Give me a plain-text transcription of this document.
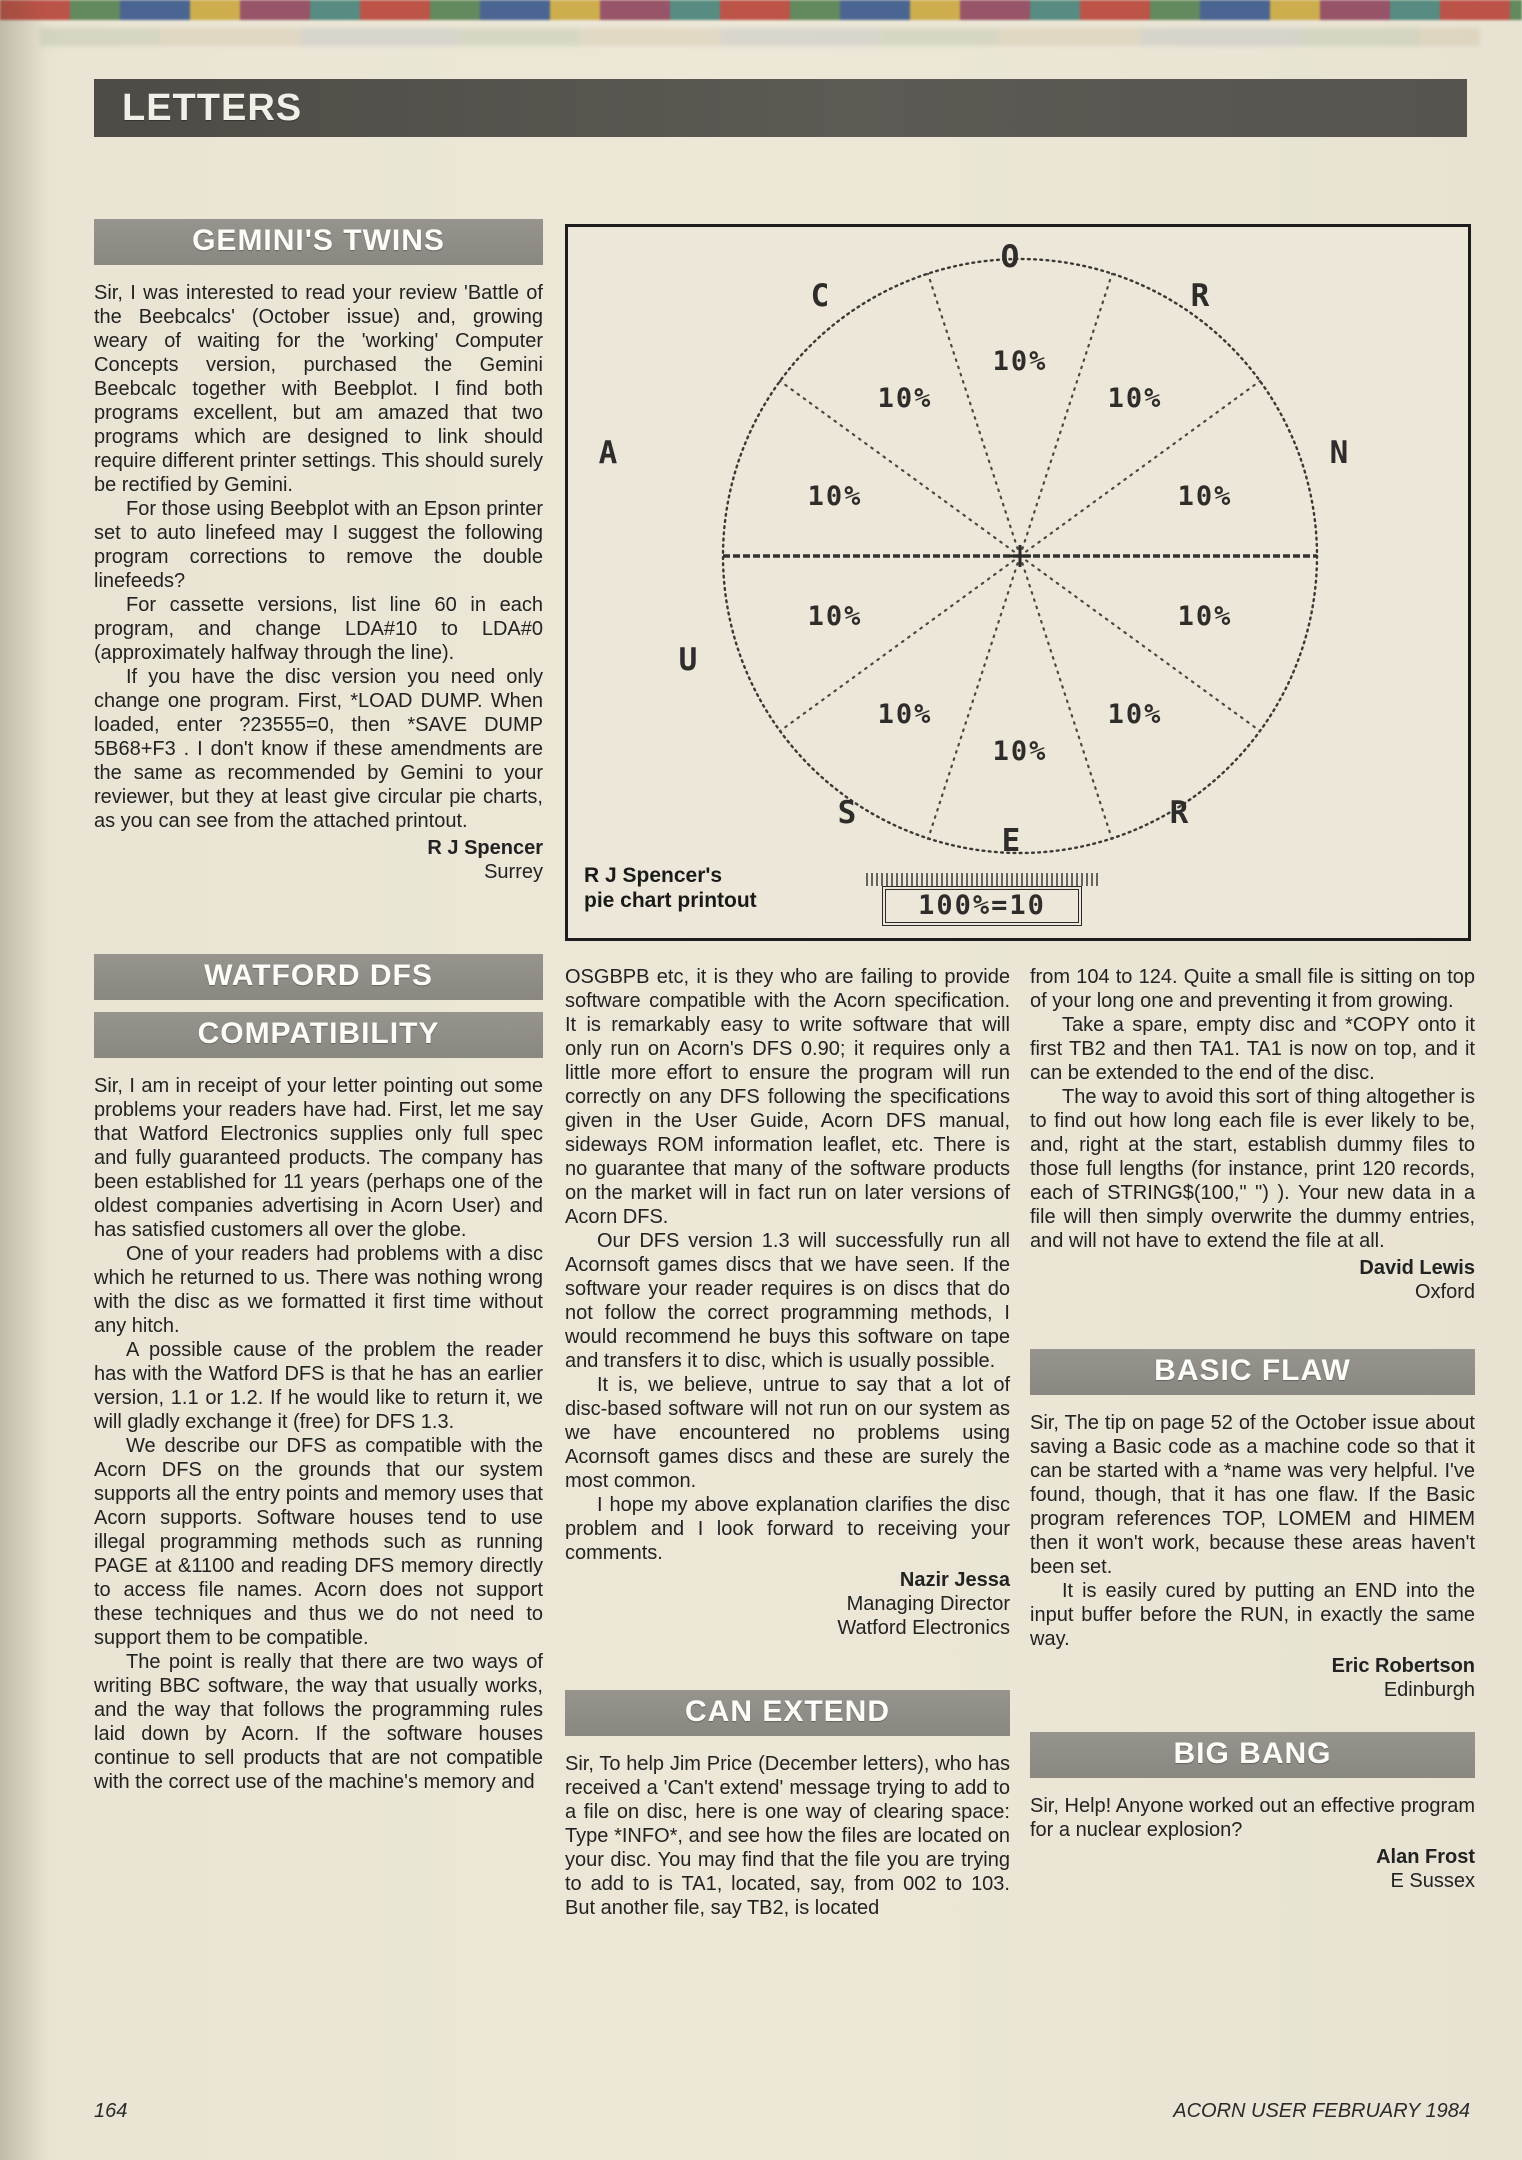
LETTERS
GEMINI'S TWINS

Sir, I was interested to read your review 'Battle of the Beebcalcs' (October issue) and, growing weary of waiting for the 'working' Computer Concepts version, purchased the Gemini Beebcalc together with Beebplot. I find both programs excellent, but am amazed that two programs which are designed to link should require different printer settings. This should surely be rectified by Gemini.

For those using Beebplot with an Epson printer set to auto linefeed may I suggest the following program corrections to remove the double linefeeds?

For cassette versions, list line 60 in each program, and change LDA#10 to LDA#0 (approximately halfway through the line).

If you have the disc version you need only change one program. First, *LOAD DUMP. When loaded, enter ?23555=0, then *SAVE DUMP 5B68+F3 . I don't know if these amendments are the same as recommended by Gemini to your reviewer, but they at least give circular pie charts, as you can see from the attached printout.

R J Spencer
Surrey
WATFORD DFS
COMPATIBILITY

Sir, I am in receipt of your letter pointing out some problems your readers have had. First, let me say that Watford Electronics supplies only full spec and fully guaranteed products. The company has been established for 11 years (perhaps one of the oldest companies advertising in Acorn User) and has satisfied customers all over the globe.

One of your readers had problems with a disc which he returned to us. There was nothing wrong with the disc as we formatted it first time without any hitch.

A possible cause of the problem the reader has with the Watford DFS is that he has an earlier version, 1.1 or 1.2. If he would like to return it, we will gladly exchange it (free) for DFS 1.3.

We describe our DFS as compatible with the Acorn DFS on the grounds that our system supports all the entry points and memory uses that Acorn supports. Software houses tend to use illegal programming methods such as running PAGE at &1100 and reading DFS memory directly to access file names. Acorn does not support these techniques and thus we do not need to support them to be compatible.

The point is really that there are two ways of writing BBC software, the way that usually works, and the way that follows the programming rules laid down by Acorn. If the software houses continue to sell products that are not compatible with the correct use of the machine's memory and

10%
10%	10%
10%	10%
10%	10%
10%	10%
10%
O
C	R
A	N
U
S	R
E
R J Spencer's
pie chart printout	100%=10

OSGBPB etc, it is they who are failing to provide software compatible with the Acorn specification. It is remarkably easy to write software that will only run on Acorn's DFS 0.90; it requires only a little more effort to ensure the program will run correctly on any DFS following the specifications given in the User Guide, Acorn DFS manual, sideways ROM information leaflet, etc. There is no guarantee that many of the software products on the market will in fact run on later versions of Acorn DFS.

Our DFS version 1.3 will successfully run all Acornsoft games discs that we have seen. If the software your reader requires is on discs that do not follow the correct programming methods, I would recommend he buys this software on tape and transfers it to disc, which is usually possible.

It is, we believe, untrue to say that a lot of disc-based software will not run on our system as we have encountered no problems using Acornsoft games discs and these are surely the most common.

I hope my above explanation clarifies the disc problem and I look forward to receiving your comments.

Nazir Jessa
Managing Director
Watford Electronics
CAN EXTEND

Sir, To help Jim Price (December letters), who has received a 'Can't extend' message trying to add to a file on disc, here is one way of clearing space: Type *INFO*, and see how the files are located on your disc. You may find that the file you are trying to add to is TA1, located, say, from 002 to 103. But another file, say TB2, is located

from 104 to 124. Quite a small file is sitting on top of your long one and preventing it from growing.

Take a spare, empty disc and *COPY onto it first TB2 and then TA1. TA1 is now on top, and it can be extended to the end of the disc.

The way to avoid this sort of thing altogether is to find out how long each file is ever likely to be, and, right at the start, establish dummy files to those full lengths (for instance, print 120 records, each of STRING$(100," ") ). Your new data in a file will then simply overwrite the dummy entries, and will not have to extend the file at all.

David Lewis
Oxford
BASIC FLAW

Sir, The tip on page 52 of the October issue about saving a Basic code as a machine code so that it can be started with a *name was very helpful. I've found, though, that it has one flaw. If the Basic program references TOP, LOMEM and HIMEM then it won't work, because these areas haven't been set.

It is easily cured by putting an END into the input buffer before the RUN, in exactly the same way.

Eric Robertson
Edinburgh
BIG BANG

Sir, Help! Anyone worked out an effective program for a nuclear explosion?

Alan Frost
E Sussex
164	ACORN USER FEBRUARY 1984
